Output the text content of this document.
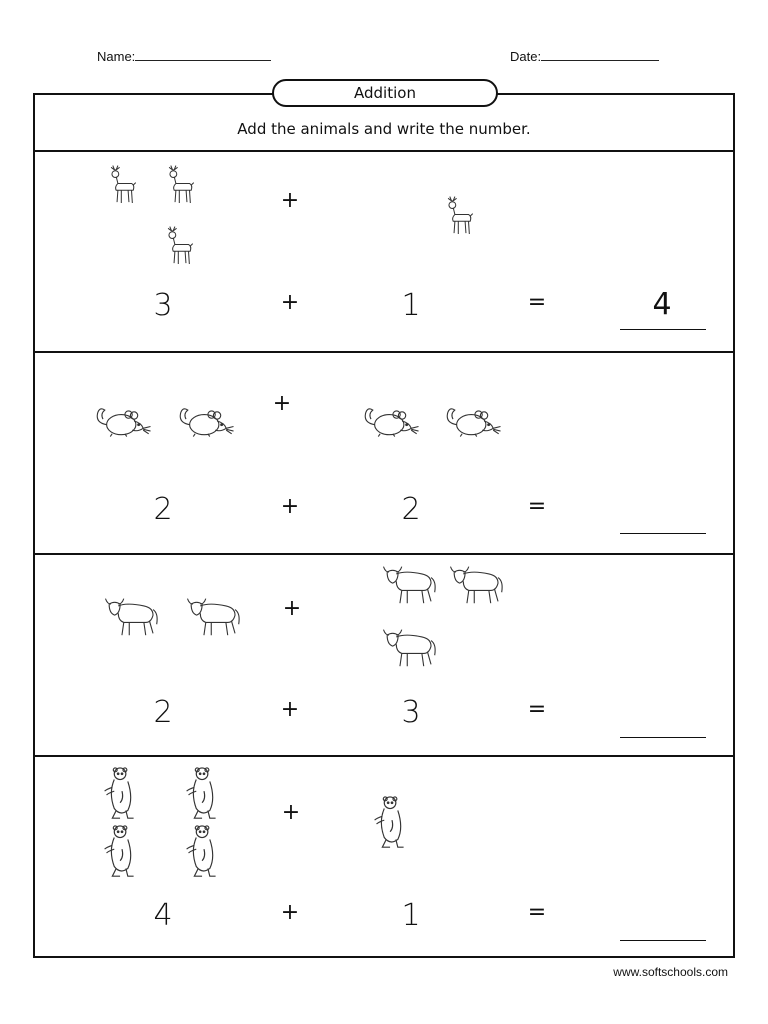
Name:	Date:
Addition
Add the animals and write the number.
+
3	+	1	=	4
+
2	+	2	=
+
2	+	3	=
+
4	+	1	=
www.softschools.com
